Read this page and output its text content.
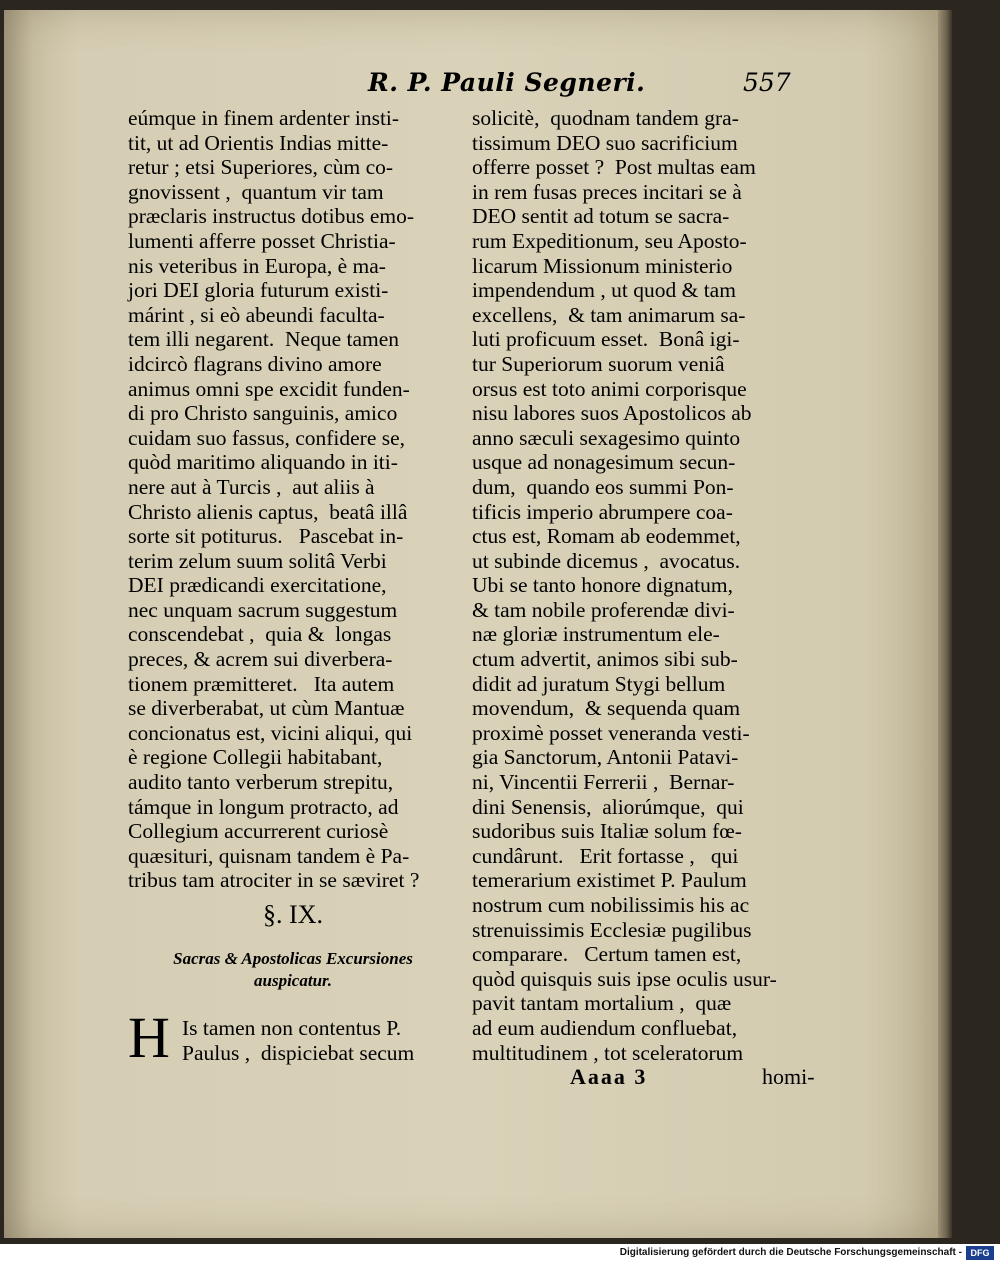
R. P. Pauli Segneri.	557
eúmque in finem ardenter insti-
tit, ut ad Orientis Indias mitte-
retur ; etsi Superiores, cùm co-
gnovissent ,  quantum vir tam
præclaris instructus dotibus emo-
lumenti afferre posset Christia-
nis veteribus in Europa, è ma-
jori DEI gloria futurum existi-
márint , si eò abeundi faculta-
tem illi negarent.  Neque tamen
idcircò flagrans divino amore
animus omni spe excidit funden-
di pro Christo sanguinis, amico
cuidam suo fassus, confidere se,
quòd maritimo aliquando in iti-
nere aut à Turcis ,  aut aliis à
Christo alienis captus,  beatâ illâ
sorte sit potiturus.   Pascebat in-
terim zelum suum solitâ Verbi
DEI prædicandi exercitatione,
nec unquam sacrum suggestum
conscendebat ,  quia &  longas
preces, & acrem sui diverbera-
tionem præmitteret.   Ita autem
se diverberabat, ut cùm Mantuæ
concionatus est, vicini aliqui, qui
è regione Collegii habitabant,
audito tanto verberum strepitu,
támque in longum protracto, ad
Collegium accurrerent curiosè
quæsituri, quisnam tandem è Pa-
tribus tam atrociter in se sæviret ?
§. IX.
Sacras & Apostolicas Excursiones
auspicatur.
H Is tamen non contentus P.
Paulus ,  dispiciebat secum
solicitè,  quodnam tandem gra-
tissimum DEO suo sacrificium
offerre posset ?  Post multas eam
in rem fusas preces incitari se à
DEO sentit ad totum se sacra-
rum Expeditionum, seu Aposto-
licarum Missionum ministerio
impendendum , ut quod & tam
excellens,  & tam animarum sa-
luti proficuum esset.  Bonâ igi-
tur Superiorum suorum veniâ
orsus est toto animi corporisque
nisu labores suos Apostolicos ab
anno sæculi sexagesimo quinto
usque ad nonagesimum secun-
dum,  quando eos summi Pon-
tificis imperio abrumpere coa-
ctus est, Romam ab eodemmet,
ut subinde dicemus ,  avocatus.
Ubi se tanto honore dignatum,
& tam nobile proferendæ divi-
næ gloriæ instrumentum ele-
ctum advertit, animos sibi sub-
didit ad juratum Stygi bellum
movendum,  & sequenda quam
proximè posset veneranda vesti-
gia Sanctorum, Antonii Patavi-
ni, Vincentii Ferrerii ,  Bernar-
dini Senensis,  aliorúmque,  qui
sudoribus suis Italiæ solum fœ-
cundârunt.   Erit fortasse ,   qui
temerarium existimet P. Paulum
nostrum cum nobilissimis his ac
strenuissimis Ecclesiæ pugilibus
comparare.   Certum tamen est,
quòd quisquis suis ipse oculis usur-
pavit tantam mortalium ,  quæ
ad eum audiendum confluebat,
multitudinem , tot sceleratorum
Aaaa 3	homi-
Digitalisierung gefördert durch die Deutsche Forschungsgemeinschaft - DFG
